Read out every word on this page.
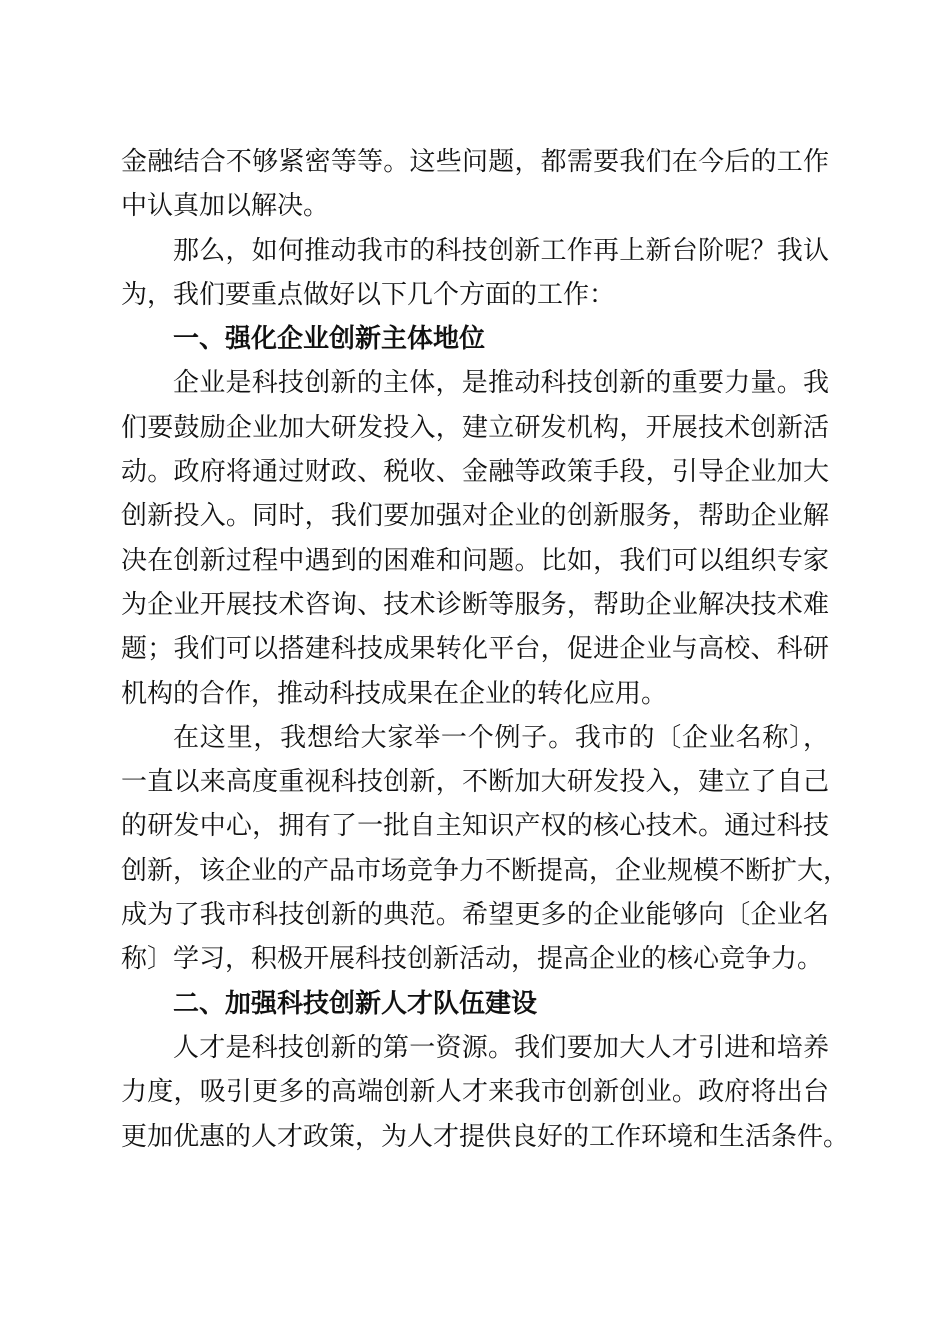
金融结合不够紧密等等。这些问题，都需要我们在今后的工作
中认真加以解决。
那么，如何推动我市的科技创新工作再上新台阶呢？我认
为，我们要重点做好以下几个方面的工作：
一、强化企业创新主体地位
企业是科技创新的主体，是推动科技创新的重要力量。我
们要鼓励企业加大研发投入，建立研发机构，开展技术创新活
动。政府将通过财政、税收、金融等政策手段，引导企业加大
创新投入。同时，我们要加强对企业的创新服务，帮助企业解
决在创新过程中遇到的困难和问题。比如，我们可以组织专家
为企业开展技术咨询、技术诊断等服务，帮助企业解决技术难
题；我们可以搭建科技成果转化平台，促进企业与高校、科研
机构的合作，推动科技成果在企业的转化应用。
在这里，我想给大家举一个例子。我市的〔企业名称〕，
一直以来高度重视科技创新，不断加大研发投入，建立了自己
的研发中心，拥有了一批自主知识产权的核心技术。通过科技
创新，该企业的产品市场竞争力不断提高，企业规模不断扩大，
成为了我市科技创新的典范。希望更多的企业能够向〔企业名
称〕学习，积极开展科技创新活动，提高企业的核心竞争力。
二、加强科技创新人才队伍建设
人才是科技创新的第一资源。我们要加大人才引进和培养
力度，吸引更多的高端创新人才来我市创新创业。政府将出台
更加优惠的人才政策，为人才提供良好的工作环境和生活条件。
